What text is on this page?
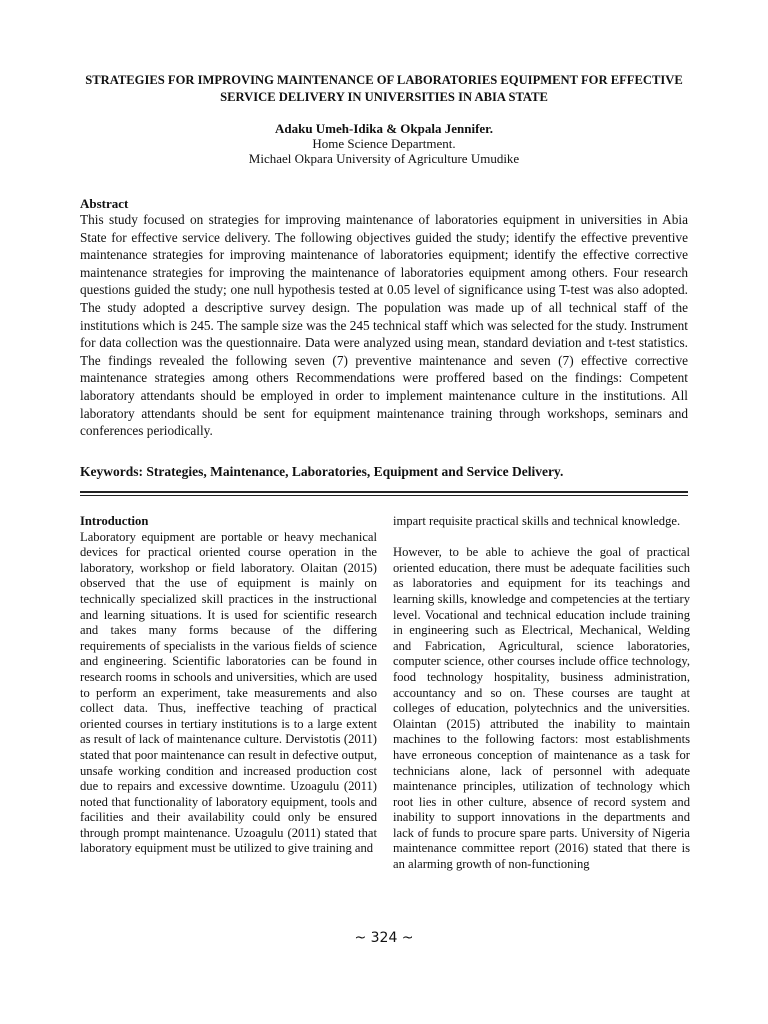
STRATEGIES FOR IMPROVING MAINTENANCE OF LABORATORIES EQUIPMENT FOR EFFECTIVE SERVICE DELIVERY IN UNIVERSITIES IN ABIA STATE
Adaku Umeh-Idika & Okpala Jennifer.
Home Science Department.
Michael Okpara University of Agriculture Umudike
Abstract
This study focused on strategies for improving maintenance of laboratories equipment in universities in Abia State for effective service delivery. The following objectives guided the study; identify the effective preventive maintenance strategies for improving maintenance of laboratories equipment; identify the effective corrective maintenance strategies for improving the maintenance of laboratories equipment among others. Four research questions guided the study; one null hypothesis tested at 0.05 level of significance using T-test was also adopted. The study adopted a descriptive survey design. The population was made up of all technical staff of the institutions which is 245. The sample size was the 245 technical staff which was selected for the study. Instrument for data collection was the questionnaire. Data were analyzed using mean, standard deviation and t-test statistics. The findings revealed the following seven (7) preventive maintenance and seven (7) effective corrective maintenance strategies among others Recommendations were proffered based on the findings: Competent laboratory attendants should be employed in order to implement maintenance culture in the institutions. All laboratory attendants should be sent for equipment maintenance training through workshops, seminars and conferences periodically.
Keywords: Strategies, Maintenance, Laboratories, Equipment and Service Delivery.

Introduction

Laboratory equipment are portable or heavy mechanical devices for practical oriented course operation in the laboratory, workshop or field laboratory. Olaitan (2015) observed that the use of equipment is mainly on technically specialized skill practices in the instructional and learning situations. It is used for scientific research and takes many forms because of the differing requirements of specialists in the various fields of science and engineering. Scientific laboratories can be found in research rooms in schools and universities, which are used to perform an experiment, take measurements and also collect data. Thus, ineffective teaching of practical oriented courses in tertiary institutions is to a large extent as result of lack of maintenance culture. Dervistotis (2011) stated that poor maintenance can result in defective output, unsafe working condition and increased production cost due to repairs and excessive downtime. Uzoagulu (2011) noted that functionality of laboratory equipment, tools and facilities and their availability could only be ensured through prompt maintenance. Uzoagulu (2011) stated that laboratory equipment must be utilized to give training and

impart requisite practical skills and technical knowledge.

However, to be able to achieve the goal of practical oriented education, there must be adequate facilities such as laboratories and equipment for its teachings and learning skills, knowledge and competencies at the tertiary level. Vocational and technical education include training in engineering such as Electrical, Mechanical, Welding and Fabrication, Agricultural, science laboratories, computer science, other courses include office technology, food technology hospitality, business administration, accountancy and so on. These courses are taught at colleges of education, polytechnics and the universities. Olaintan (2015) attributed the inability to maintain machines to the following factors: most establishments have erroneous conception of maintenance as a task for technicians alone, lack of personnel with adequate maintenance principles, utilization of technology which root lies in other culture, absence of record system and inability to support innovations in the departments and lack of funds to procure spare parts. University of Nigeria maintenance committee report (2016) stated that there is an alarming growth of non-functioning

~ 324 ~
